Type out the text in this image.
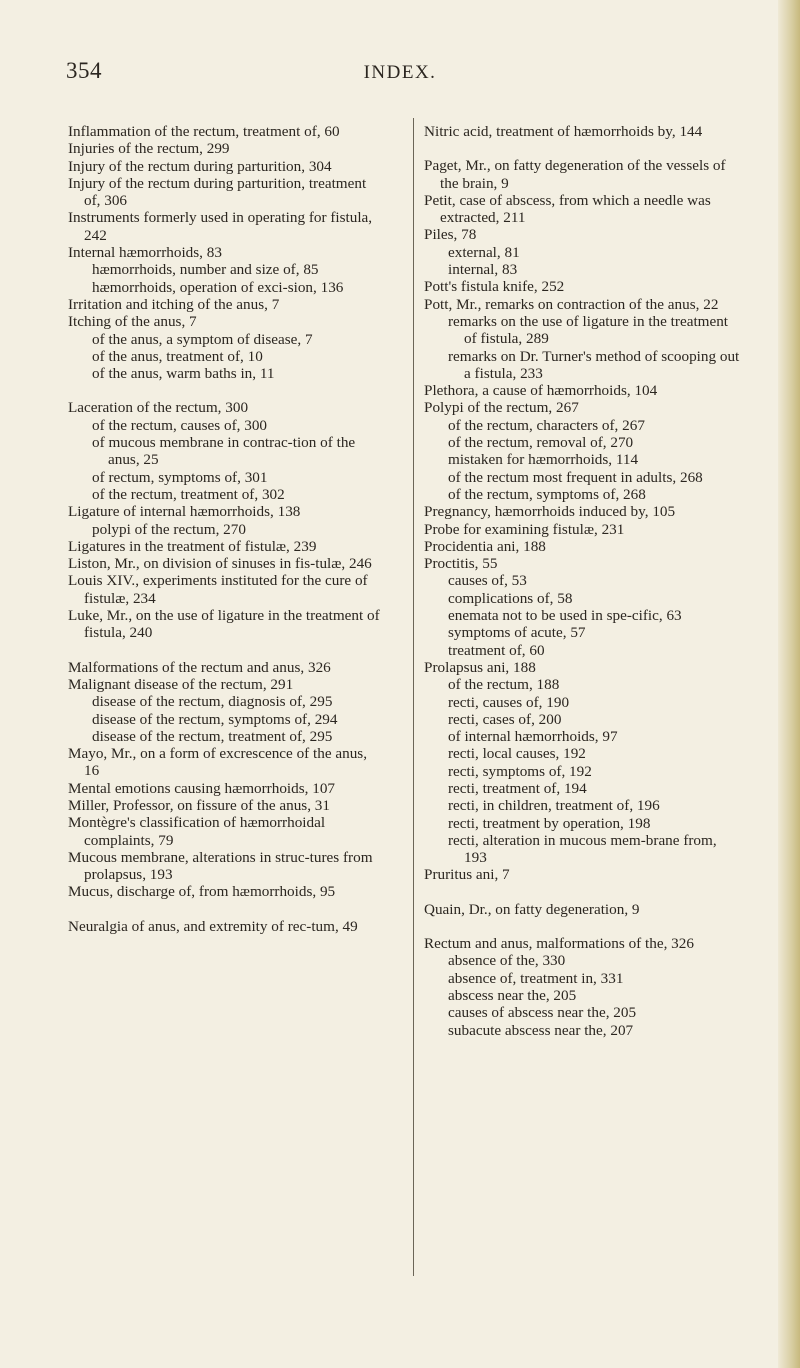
354	INDEX.

Inflammation of the rectum, treatment of, 60

Injuries of the rectum, 299

Injury of the rectum during parturition, 304

Injury of the rectum during parturition, treatment of, 306

Instruments formerly used in operating for fistula, 242

Internal hæmorrhoids, 83

hæmorrhoids, number and size of, 85

hæmorrhoids, operation of exci-sion, 136

Irritation and itching of the anus, 7

Itching of the anus, 7

of the anus, a symptom of disease, 7

of the anus, treatment of, 10

of the anus, warm baths in, 11

Laceration of the rectum, 300

of the rectum, causes of, 300

of mucous membrane in contrac-tion of the anus, 25

of rectum, symptoms of, 301

of the rectum, treatment of, 302

Ligature of internal hæmorrhoids, 138

polypi of the rectum, 270

Ligatures in the treatment of fistulæ, 239

Liston, Mr., on division of sinuses in fis-tulæ, 246

Louis XIV., experiments instituted for the cure of fistulæ, 234

Luke, Mr., on the use of ligature in the treatment of fistula, 240

Malformations of the rectum and anus, 326

Malignant disease of the rectum, 291

disease of the rectum, diagnosis of, 295

disease of the rectum, symptoms of, 294

disease of the rectum, treatment of, 295

Mayo, Mr., on a form of excrescence of the anus, 16

Mental emotions causing hæmorrhoids, 107

Miller, Professor, on fissure of the anus, 31

Montègre's classification of hæmorrhoidal complaints, 79

Mucous membrane, alterations in struc-tures from prolapsus, 193

Mucus, discharge of, from hæmorrhoids, 95

Neuralgia of anus, and extremity of rec-tum, 49

Nitric acid, treatment of hæmorrhoids by, 144

Paget, Mr., on fatty degeneration of the vessels of the brain, 9

Petit, case of abscess, from which a needle was extracted, 211

Piles, 78

external, 81

internal, 83

Pott's fistula knife, 252

Pott, Mr., remarks on contraction of the anus, 22

remarks on the use of ligature in the treatment of fistula, 289

remarks on Dr. Turner's method of scooping out a fistula, 233

Plethora, a cause of hæmorrhoids, 104

Polypi of the rectum, 267

of the rectum, characters of, 267

of the rectum, removal of, 270

mistaken for hæmorrhoids, 114

of the rectum most frequent in adults, 268

of the rectum, symptoms of, 268

Pregnancy, hæmorrhoids induced by, 105

Probe for examining fistulæ, 231

Procidentia ani, 188

Proctitis, 55

causes of, 53

complications of, 58

enemata not to be used in spe-cific, 63

symptoms of acute, 57

treatment of, 60

Prolapsus ani, 188

of the rectum, 188

recti, causes of, 190

recti, cases of, 200

of internal hæmorrhoids, 97

recti, local causes, 192

recti, symptoms of, 192

recti, treatment of, 194

recti, in children, treatment of, 196

recti, treatment by operation, 198

recti, alteration in mucous mem-brane from, 193

Pruritus ani, 7

Quain, Dr., on fatty degeneration, 9

Rectum and anus, malformations of the, 326

absence of the, 330

absence of, treatment in, 331

abscess near the, 205

causes of abscess near the, 205

subacute abscess near the, 207
